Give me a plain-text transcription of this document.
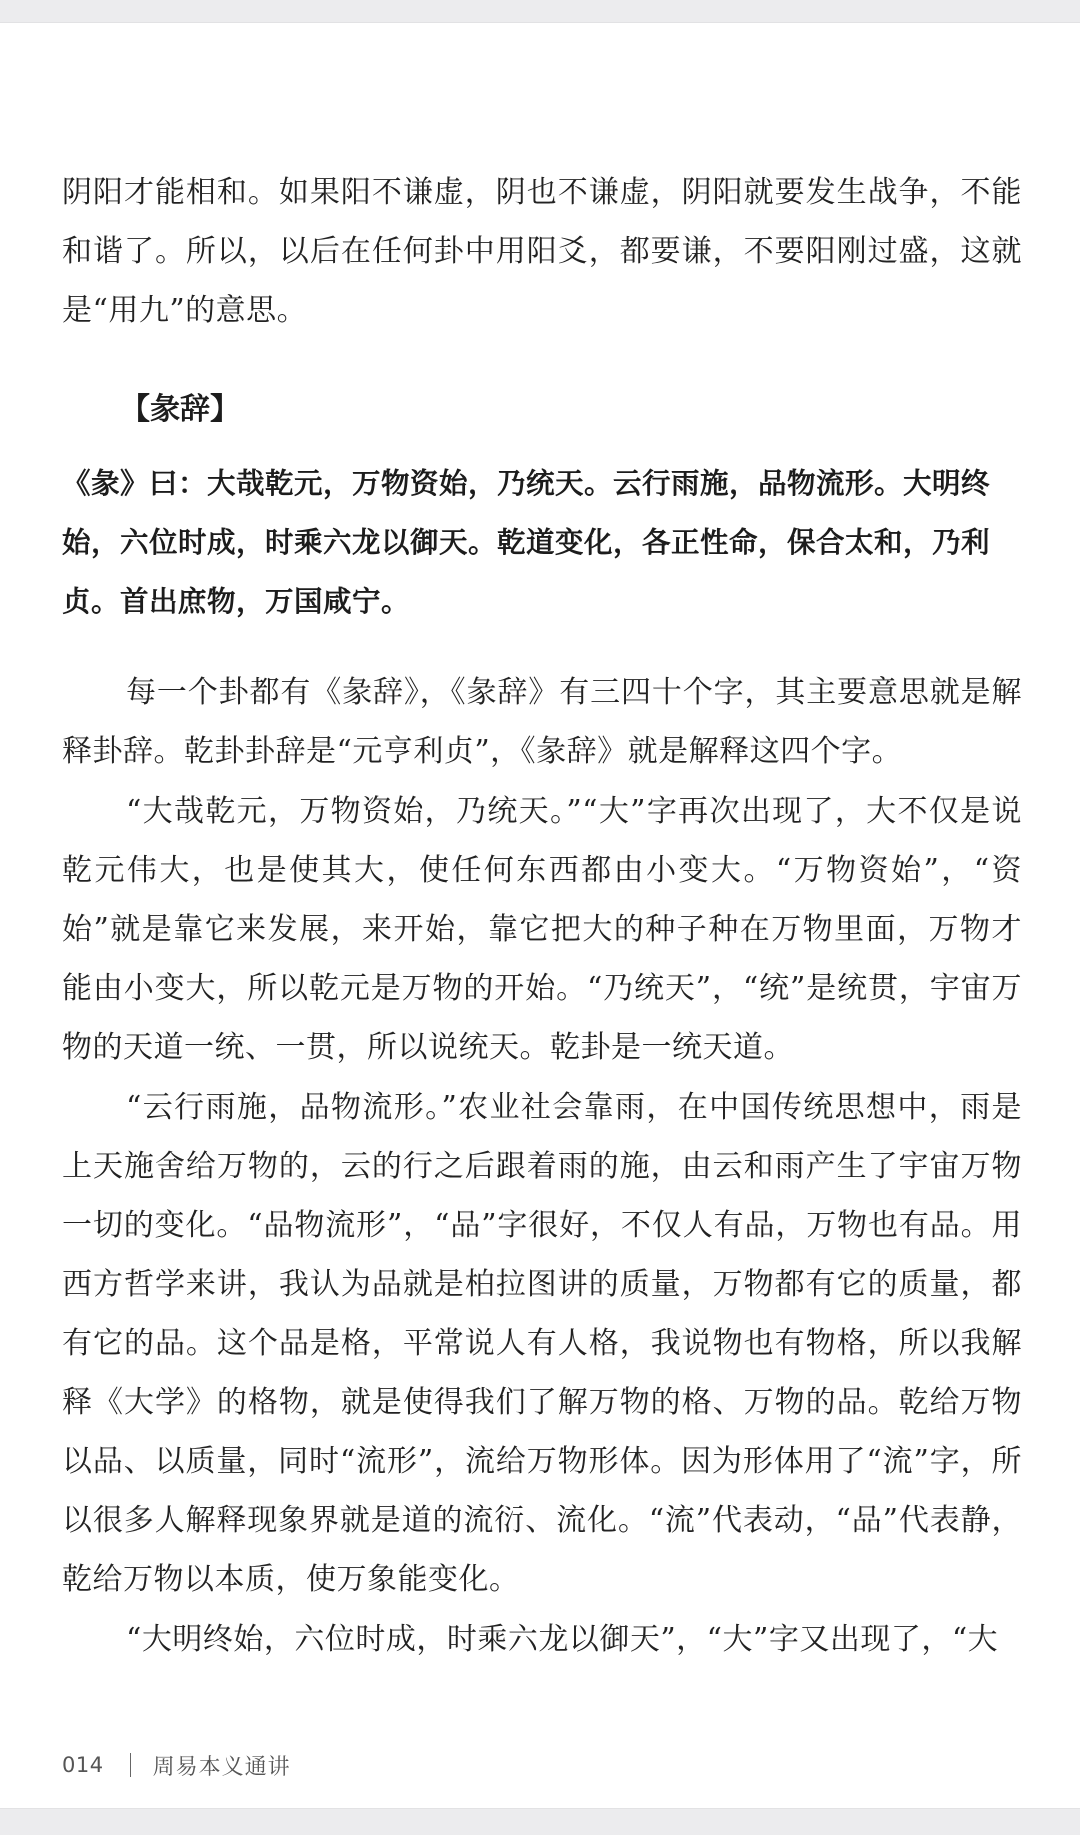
阴阳才能相和。如果阳不谦虚，阴也不谦虚，阴阳就要发生战争，不能和谐了。所以，以后在任何卦中用阳爻，都要谦，不要阳刚过盛，这就是“用九”的意思。

【彖辞】

《彖》曰：大哉乾元，万物资始，乃统天。云行雨施，品物流形。大明终始，六位时成，时乘六龙以御天。乾道变化，各正性命，保合太和，乃利贞。首出庶物，万国咸宁。

每一个卦都有《彖辞》，《彖辞》有三四十个字，其主要意思就是解释卦辞。乾卦卦辞是“元亨利贞”，《彖辞》就是解释这四个字。

“大哉乾元，万物资始，乃统天。”“大”字再次出现了，大不仅是说乾元伟大，也是使其大，使任何东西都由小变大。“万物资始”，“资始”就是靠它来发展，来开始，靠它把大的种子种在万物里面，万物才能由小变大，所以乾元是万物的开始。“乃统天”，“统”是统贯，宇宙万物的天道一统、一贯，所以说统天。乾卦是一统天道。

“云行雨施，品物流形。”农业社会靠雨，在中国传统思想中，雨是上天施舍给万物的，云的行之后跟着雨的施，由云和雨产生了宇宙万物一切的变化。“品物流形”，“品”字很好，不仅人有品，万物也有品。用西方哲学来讲，我认为品就是柏拉图讲的质量，万物都有它的质量，都有它的品。这个品是格，平常说人有人格，我说物也有物格，所以我解释《大学》的格物，就是使得我们了解万物的格、万物的品。乾给万物以品、以质量，同时“流形”，流给万物形体。因为形体用了“流”字，所以很多人解释现象界就是道的流衍、流化。“流”代表动，“品”代表静，乾给万物以本质，使万象能变化。

“大明终始，六位时成，时乘六龙以御天”，“大”字又出现了，“大

014 周易本义通讲
